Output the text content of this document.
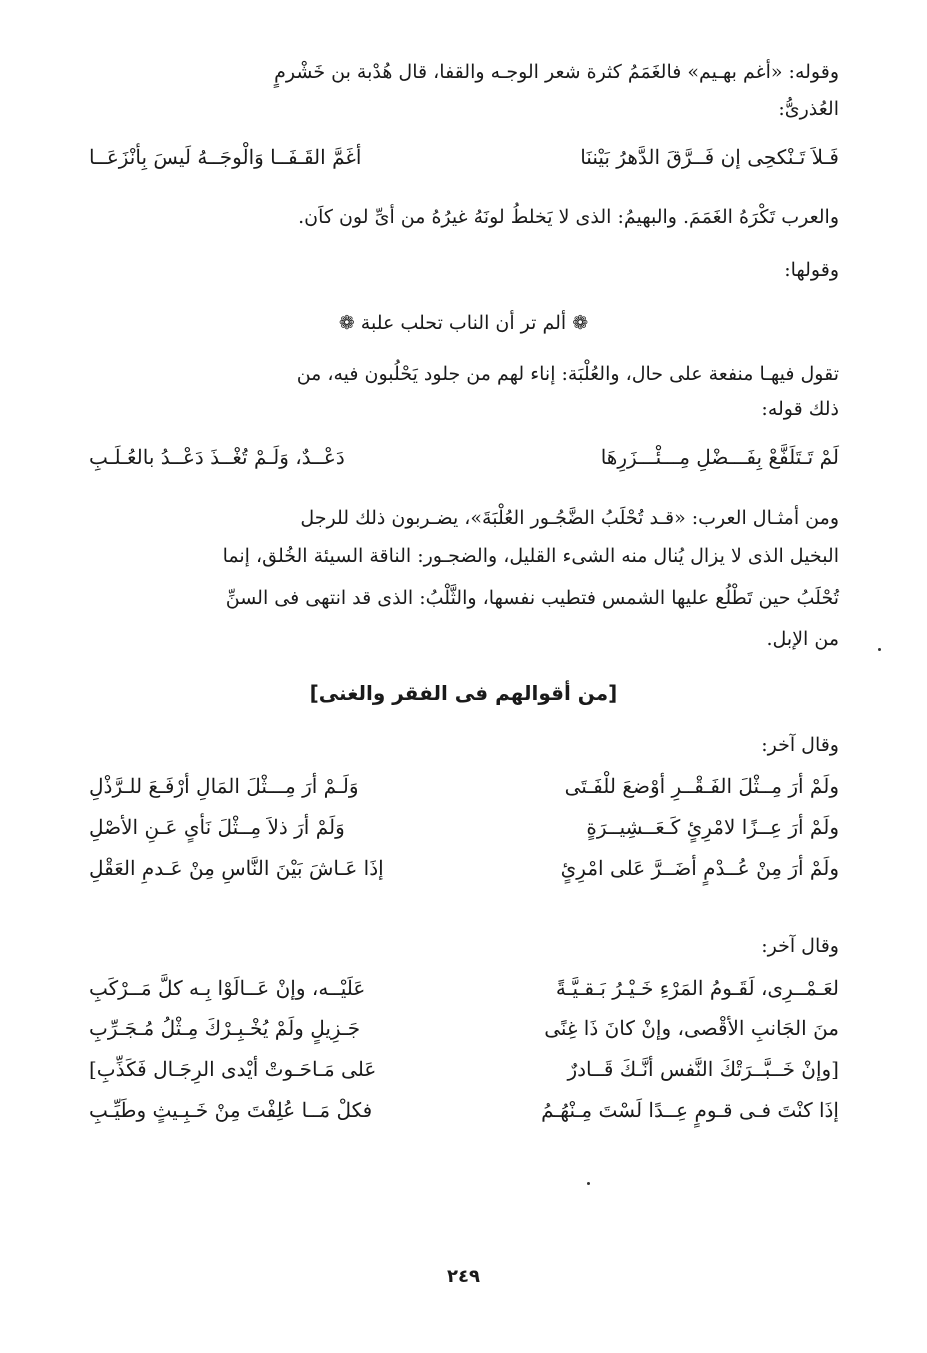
وقوله: «أغم بهـيم» فالغَمَمُ كثرة شعر الوجـه والقفا، قال هُدْبة بن خَشْرمٍ
العُذرىُّ:
فَـلاَ تَـنْكحِى إن فَــرَّقَ الدَّهرُ بَيْننَا
أغَمَّ القَـفَــا وَالْوجَــهُ لَيسَ بِأنْزَعَــا
والعرب تَكْرَهُ الغَمَمَ. والبهيمُ: الذى لا يَخلطُ لونَهُ غيرُهُ من أىِّ لون كاَن.
وقولها:
❁ ألم تر أن الناب تحلب علبة ❁
تقول فيهـا منفعة على حال، والعُلْبَة: إناء لهم من جلود يَحْلُبون فيه، من
ذلك قوله:
لَمْ تَـتَلَفَّعْ بِفَـــضْلِ مِـــئْـــزَرِهَا
دَعْــدٌ، وَلَـمْ تُغْــذَ دَعْــدُ بالعُـلَـبِ
ومن أمثـال العرب: «قـد تُحْلَبُ الضَّجُـور العُلْبَةَ»، يضـربون ذلك للرجل
البخيل الذى لا يزال يُنال منه الشىء القليل، والضجـور: الناقة السيئة الخُلق، إنما
تُحْلَبُ حين تَطْلُع عليها الشمس فتطيب نفسها، والثَّلْبُ: الذى قد انتهى فى السنِّ
من الإبل.
[من أقوالهم فى الفقر والغنى]
وقال آخر:
ولَمْ أرَ مِــثْلَ الفَـقْــرِ أوْضعَ للْفَـتَى
وَلَـمْ أرَ مِـــثْلَ المَالِ أرْفَـعَ للـرَّذْلِ
ولَمْ أرَ عِــزًا لامْرِئٍ كَـعَــشِيــرَةٍ
وَلَمْ أرَ ذلاَ مِــثْلَ نَأىٍ عَـنِ الأصْلِ
ولَمْ أرَ مِنْ عُــدْمٍ أضَــرَّ عَلى امْرِئٍ
إذَا عَـاشَ بَيْنَ النَّاسِ مِنْ عَـدمِ العَقْلِ
وقال آخر:
لعَـمْــرِى، لَقَـومُ المَرْءِ خَـيْـرُ بَـقـيَّـةً
عَلَيْــه، وإنْ عَــالَوْا بِـه كلَّ مَــرْكَبِ
منَ الجَانبِ الأقْصى، وإنْ كانَ ذَا غِنًى
جَـزِيلٍ ولَمْ يُخْـبِـرْكَ مِـثْلُ مُـجَـرِّبِ
[وإنْ خَــبَّــرَتْكَ النَّفس أنَّـكَ قَــادرٌ
عَلى مَـاحَـوتْ أيْدى الرِجَـال فَكَذِّبِ]
إذَا كنْتَ فـى قـومٍ عِــدًا لَسْتَ مِـنْهُـمُ
فكلْ مَــا عُلِفْتَ مِنْ خَـبِـيثٍ وطَيِّـبِ
٢٤٩
